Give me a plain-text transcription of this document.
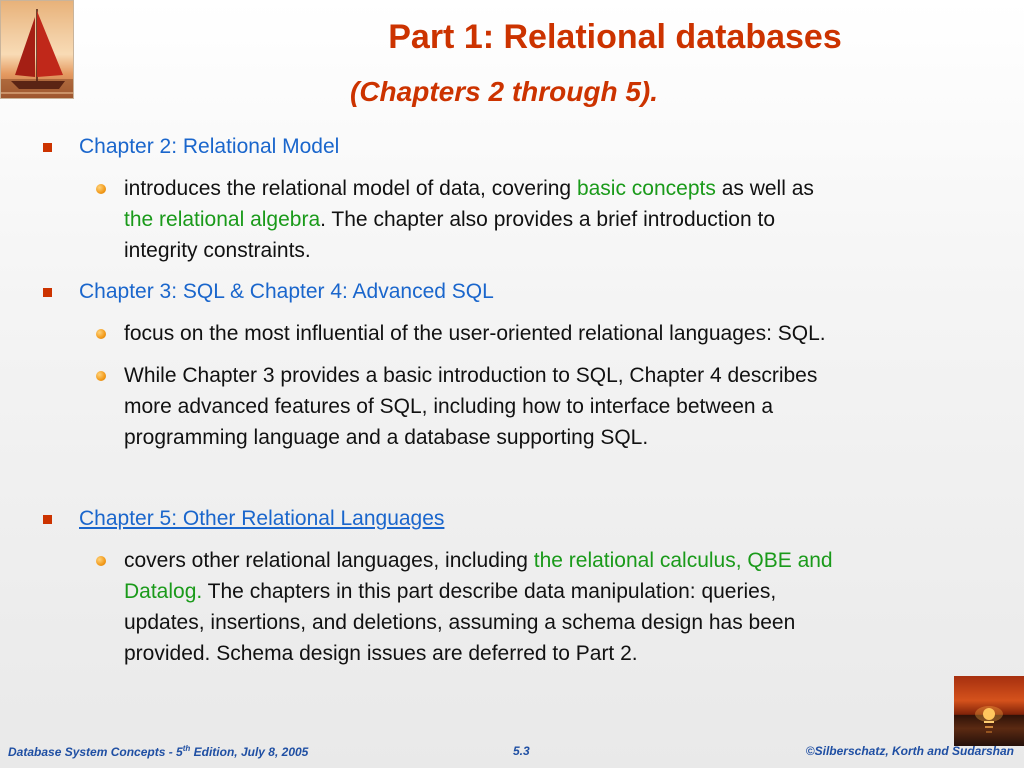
Part 1: Relational databases
(Chapters 2 through 5).
Chapter 2: Relational Model
introduces the relational model of data, covering basic concepts as well as
the relational algebra. The chapter also provides a brief introduction to
integrity constraints.
Chapter 3: SQL & Chapter 4: Advanced SQL
focus on the most influential of the user-oriented relational languages: SQL.
While Chapter 3 provides a basic introduction to SQL, Chapter 4 describes
more advanced features of SQL, including how to interface between a
programming language and a database supporting SQL.
Chapter 5: Other Relational Languages
covers other relational languages, including the relational calculus, QBE and
Datalog. The chapters in this part describe data manipulation: queries,
updates, insertions, and deletions, assuming a schema design has been
provided. Schema design issues are deferred to Part 2.
Database System Concepts - 5th Edition, July 8, 2005	5.3	©Silberschatz, Korth and Sudarshan
